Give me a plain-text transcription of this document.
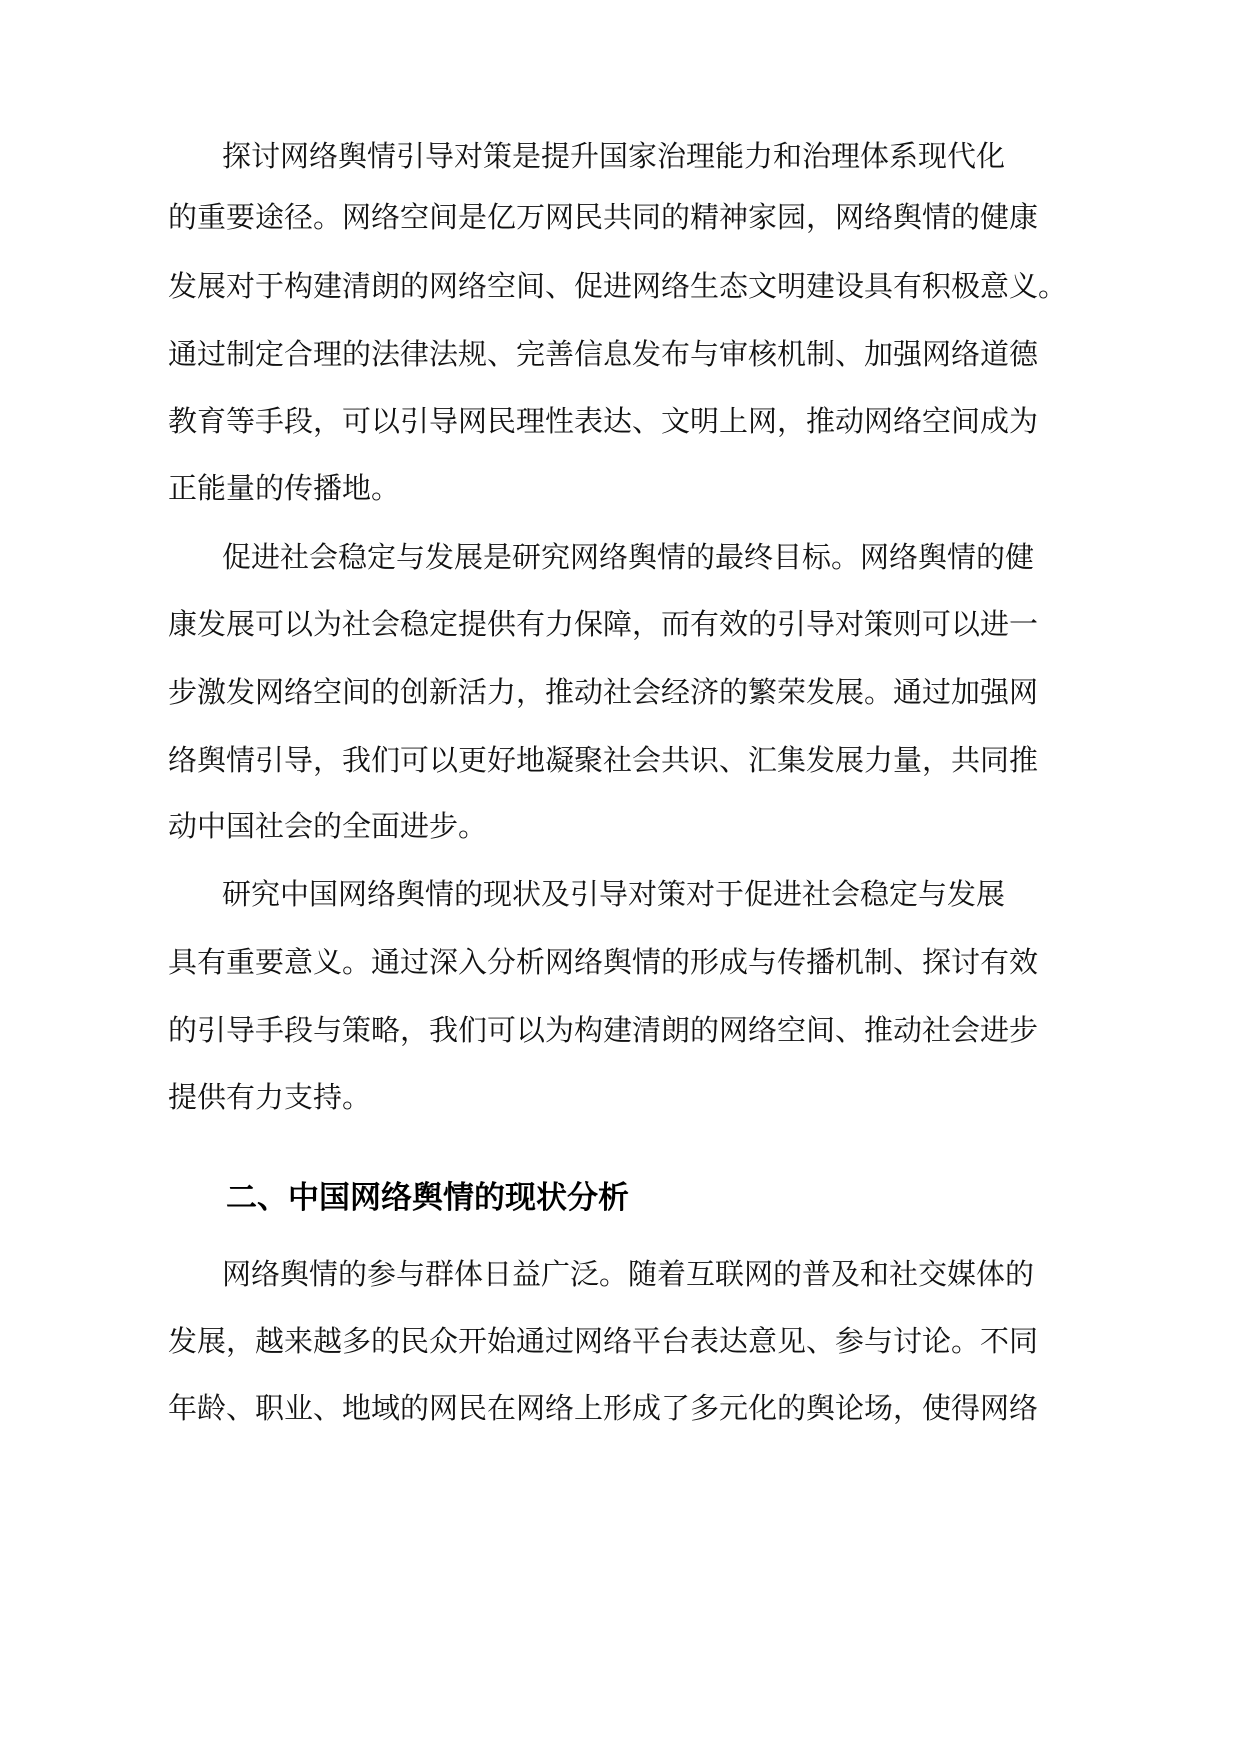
探讨网络舆情引导对策是提升国家治理能力和治理体系现代化

的重要途径。网络空间是亿万网民共同的精神家园，网络舆情的健康

发展对于构建清朗的网络空间、促进网络生态文明建设具有积极意义。

通过制定合理的法律法规、完善信息发布与审核机制、加强网络道德

教育等手段，可以引导网民理性表达、文明上网，推动网络空间成为

正能量的传播地。

促进社会稳定与发展是研究网络舆情的最终目标。网络舆情的健

康发展可以为社会稳定提供有力保障，而有效的引导对策则可以进一

步激发网络空间的创新活力，推动社会经济的繁荣发展。通过加强网

络舆情引导，我们可以更好地凝聚社会共识、汇集发展力量，共同推

动中国社会的全面进步。

研究中国网络舆情的现状及引导对策对于促进社会稳定与发展

具有重要意义。通过深入分析网络舆情的形成与传播机制、探讨有效

的引导手段与策略，我们可以为构建清朗的网络空间、推动社会进步

提供有力支持。

二、中国网络舆情的现状分析

网络舆情的参与群体日益广泛。随着互联网的普及和社交媒体的

发展，越来越多的民众开始通过网络平台表达意见、参与讨论。不同

年龄、职业、地域的网民在网络上形成了多元化的舆论场，使得网络
